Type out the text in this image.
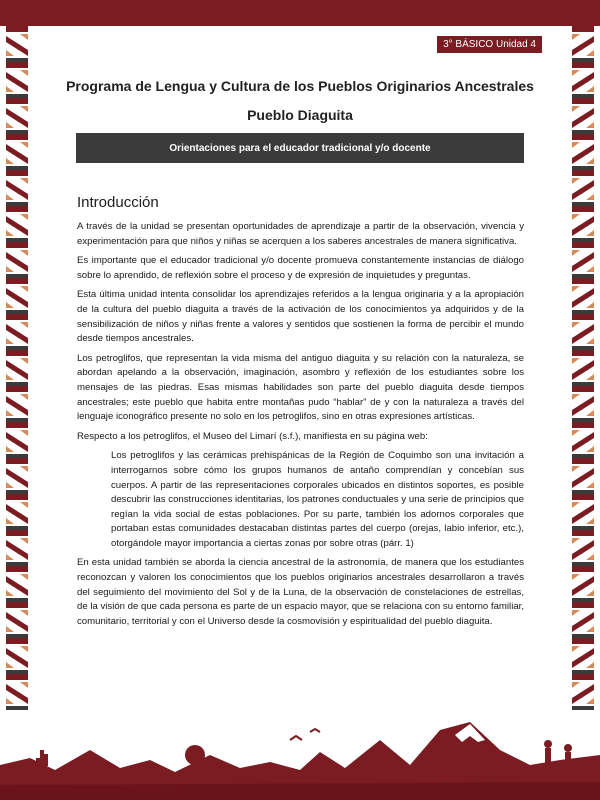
3° BÁSICO Unidad 4
Programa de Lengua y Cultura de los Pueblos Originarios Ancestrales
Pueblo Diaguita
Orientaciones para el educador tradicional y/o docente
Introducción

A través de la unidad se presentan oportunidades de aprendizaje a partir de la observación, vivencia y experimentación para que niños y niñas se acerquen a los saberes ancestrales de manera significativa.

Es importante que el educador tradicional y/o docente promueva constantemente instancias de diálogo sobre lo aprendido, de reflexión sobre el proceso y de expresión de inquietudes y preguntas.

Esta última unidad intenta consolidar los aprendizajes referidos a la lengua originaria y a la apropiación de la cultura del pueblo diaguita a través de la activación de los conocimientos ya adquiridos y de la sensibilización de niños y niñas frente a valores y sentidos que sostienen la forma de percibir el mundo desde tiempos ancestrales.

Los petroglifos, que representan la vida misma del antiguo diaguita y su relación con la naturaleza, se abordan apelando a la observación, imaginación, asombro y reflexión de los estudiantes sobre los mensajes de las piedras. Esas mismas habilidades son parte del pueblo diaguita desde tiempos ancestrales; este pueblo que habita entre montañas pudo “hablar” de y con la naturaleza a través del lenguaje iconográfico presente no solo en los petroglifos, sino en otras expresiones artísticas.

Respecto a los petroglifos, el Museo del Limarí (s.f.), manifiesta en su página web:

Los petroglifos y las cerámicas prehispánicas de la Región de Coquimbo son una invitación a interrogarnos sobre cómo los grupos humanos de antaño comprendían y concebían sus cuerpos. A partir de las representaciones corporales ubicados en distintos soportes, es posible descubrir las construcciones identitarias, los patrones conductuales y una serie de principios que regían la vida social de estas poblaciones. Por su parte, también los adornos corporales que portaban estas comunidades destacaban distintas partes del cuerpo (orejas, labio inferior, etc.), otorgándole mayor importancia a ciertas zonas por sobre otras (párr. 1)

En esta unidad también se aborda la ciencia ancestral de la astronomía, de manera que los estudiantes reconozcan y valoren los conocimientos que los pueblos originarios ancestrales desarrollaron a través del seguimiento del movimiento del Sol y de la Luna, de la observación de constelaciones de estrellas, de la visión de que cada persona es parte de un espacio mayor, que se relaciona con su entorno familiar, comunitario, territorial y con el Universo desde la cosmovisión y espiritualidad del pueblo diaguita.
